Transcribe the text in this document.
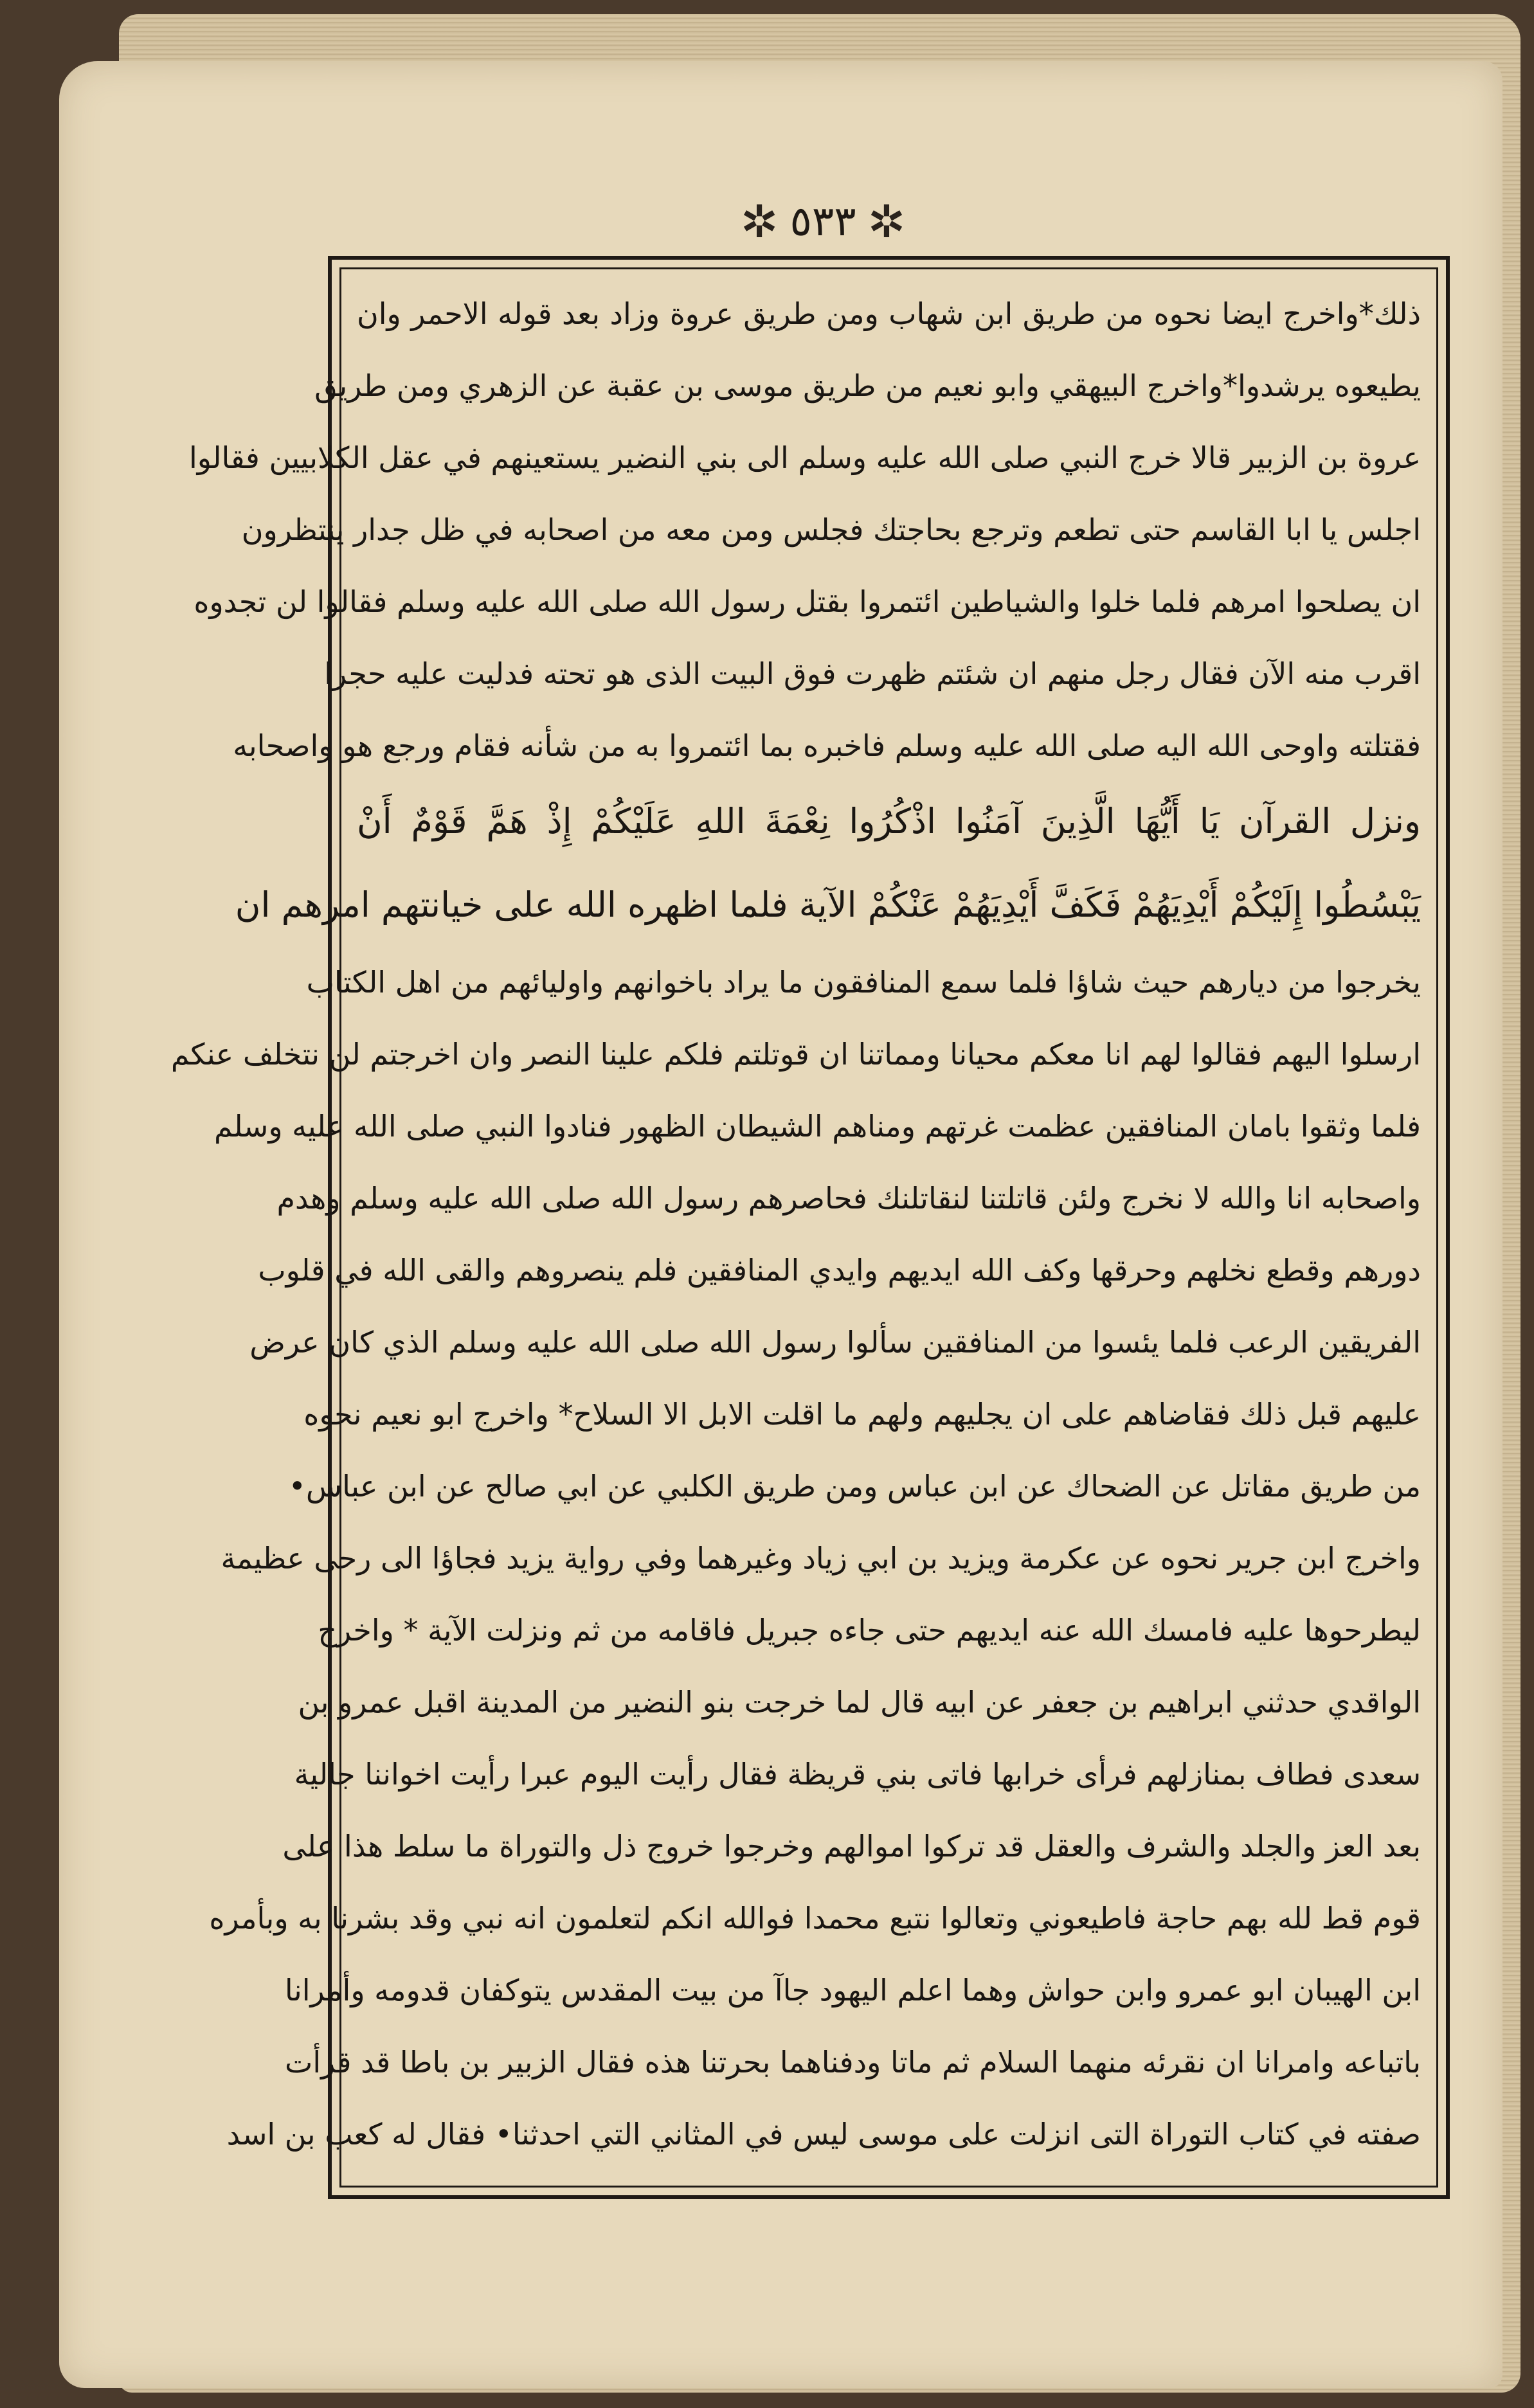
✲ ٥٣٣ ✲
ذلك*واخرج ايضا نحوه من طريق ابن شهاب ومن طريق عروة وزاد بعد قوله الاحمر وان
يطيعوه يرشدوا*واخرج البيهقي وابو نعيم من طريق موسى بن عقبة عن الزهري ومن طريق
عروة بن الزبير قالا خرج النبي صلى الله عليه وسلم الى بني النضير يستعينهم في عقل الكلابيين فقالوا
اجلس يا ابا القاسم حتى تطعم وترجع بحاجتك فجلس ومن معه من اصحابه في ظل جدار ينتظرون
ان يصلحوا امرهم فلما خلوا والشياطين ائتمروا بقتل رسول الله صلى الله عليه وسلم فقالوا لن تجدوه
اقرب منه الآن فقال رجل منهم ان شئتم ظهرت فوق البيت الذى هو تحته فدليت عليه حجرا
فقتلته واوحى الله اليه صلى الله عليه وسلم فاخبره بما ائتمروا به من شأنه فقام ورجع هو واصحابه
ونزل القرآن يَا أَيُّهَا الَّذِينَ آمَنُوا اذْكُرُوا نِعْمَةَ اللهِ عَلَيْكُمْ إِذْ هَمَّ قَوْمٌ أَنْ
يَبْسُطُوا إِلَيْكُمْ أَيْدِيَهُمْ فَكَفَّ أَيْدِيَهُمْ عَنْكُمْ الآية فلما اظهره الله على خيانتهم امرهم ان
يخرجوا من ديارهم حيث شاؤا فلما سمع المنافقون ما يراد باخوانهم واوليائهم من اهل الكتاب
ارسلوا اليهم فقالوا لهم انا معكم محيانا ومماتنا ان قوتلتم فلكم علينا النصر وان اخرجتم لن نتخلف عنكم
فلما وثقوا بامان المنافقين عظمت غرتهم ومناهم الشيطان الظهور فنادوا النبي صلى الله عليه وسلم
واصحابه انا والله لا نخرج ولئن قاتلتنا لنقاتلنك فحاصرهم رسول الله صلى الله عليه وسلم وهدم
دورهم وقطع نخلهم وحرقها وكف الله ايديهم وايدي المنافقين فلم ينصروهم والقى الله في قلوب
الفريقين الرعب فلما يئسوا من المنافقين سألوا رسول الله صلى الله عليه وسلم الذي كان عرض
عليهم قبل ذلك فقاضاهم على ان يجليهم ولهم ما اقلت الابل الا السلاح* واخرج ابو نعيم نحوه
من طريق مقاتل عن الضحاك عن ابن عباس ومن طريق الكلبي عن ابي صالح عن ابن عباس•
واخرج ابن جرير نحوه عن عكرمة ويزيد بن ابي زياد وغيرهما وفي رواية يزيد فجاؤا الى رحى عظيمة
ليطرحوها عليه فامسك الله عنه ايديهم حتى جاءه جبريل فاقامه من ثم ونزلت الآية * واخرج
الواقدي حدثني ابراهيم بن جعفر عن ابيه قال لما خرجت بنو النضير من المدينة اقبل عمرو بن
سعدى فطاف بمنازلهم فرأى خرابها فاتى بني قريظة فقال رأيت اليوم عبرا رأيت اخواننا جالية
بعد العز والجلد والشرف والعقل قد تركوا اموالهم وخرجوا خروج ذل والتوراة ما سلط هذا على
قوم قط لله بهم حاجة فاطيعوني وتعالوا نتبع محمدا فوالله انكم لتعلمون انه نبي وقد بشرنا به وبأمره
ابن الهيبان ابو عمرو وابن حواش وهما اعلم اليهود جاآ من بيت المقدس يتوكفان قدومه وأمرانا
باتباعه وامرانا ان نقرئه منهما السلام ثم ماتا ودفناهما بحرتنا هذه فقال الزبير بن باطا قد قرأت
صفته في كتاب التوراة التى انزلت على موسى ليس في المثاني التي احدثنا• فقال له كعب بن اسد
